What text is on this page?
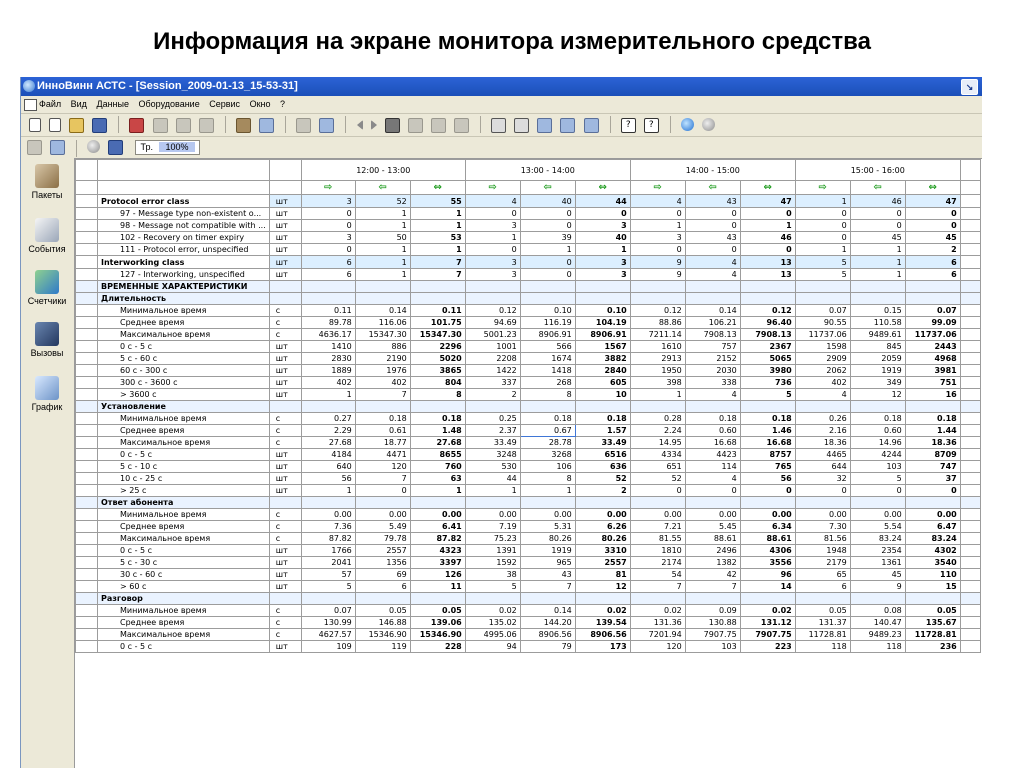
Информация на экране монитора измерительного средства
ИнноВинн АСТС - [Session_2009-01-13_15-53-31]	↘
Файл Вид Данные Оборудование Сервис Окно ?
? ?
Тр. 100%
Пакеты
События
Счетчики
Вызовы
График
			12:00 - 13:00			13:00 - 14:00			14:00 - 15:00			15:00 - 16:00			
			⇨	⇦	⇔	⇨	⇦	⇔	⇨	⇦	⇔	⇨	⇦	⇔	
	Protocol error class	шт	3	52	55	4	40	44	4	43	47	1	46	47	
	97 - Message type non-existent o...	шт	0	1	1	0	0	0	0	0	0	0	0	0	
	98 - Message not compatible with ...	шт	0	1	1	3	0	3	1	0	1	0	0	0	
	102 - Recovery on timer expiry	шт	3	50	53	1	39	40	3	43	46	0	45	45	
	111 - Protocol error, unspecified	шт	0	1	1	0	1	1	0	0	0	1	1	2	
	Interworking class	шт	6	1	7	3	0	3	9	4	13	5	1	6	
	127 - Interworking, unspecified	шт	6	1	7	3	0	3	9	4	13	5	1	6	
	ВРЕМЕННЫЕ ХАРАКТЕРИСТИКИ														
	Длительность														
	Минимальное время	с	0.11	0.14	0.11	0.12	0.10	0.10	0.12	0.14	0.12	0.07	0.15	0.07	
	Среднее время	с	89.78	116.06	101.75	94.69	116.19	104.19	88.86	106.21	96.40	90.55	110.58	99.09	
	Максимальное время	с	4636.17	15347.30	15347.30	5001.23	8906.91	8906.91	7211.14	7908.13	7908.13	11737.06	9489.61	11737.06	
	0 с - 5 с	шт	1410	886	2296	1001	566	1567	1610	757	2367	1598	845	2443	
	5 с - 60 с	шт	2830	2190	5020	2208	1674	3882	2913	2152	5065	2909	2059	4968	
	60 с - 300 с	шт	1889	1976	3865	1422	1418	2840	1950	2030	3980	2062	1919	3981	
	300 с - 3600 с	шт	402	402	804	337	268	605	398	338	736	402	349	751	
	> 3600 с	шт	1	7	8	2	8	10	1	4	5	4	12	16	
	Установление														
	Минимальное время	с	0.27	0.18	0.18	0.25	0.18	0.18	0.28	0.18	0.18	0.26	0.18	0.18	
	Среднее время	с	2.29	0.61	1.48	2.37	0.67	1.57	2.24	0.60	1.46	2.16	0.60	1.44	
	Максимальное время	с	27.68	18.77	27.68	33.49	28.78	33.49	14.95	16.68	16.68	18.36	14.96	18.36	
	0 с - 5 с	шт	4184	4471	8655	3248	3268	6516	4334	4423	8757	4465	4244	8709	
	5 с - 10 с	шт	640	120	760	530	106	636	651	114	765	644	103	747	
	10 с - 25 с	шт	56	7	63	44	8	52	52	4	56	32	5	37	
	> 25 с	шт	1	0	1	1	1	2	0	0	0	0	0	0	
	Ответ абонента														
	Минимальное время	с	0.00	0.00	0.00	0.00	0.00	0.00	0.00	0.00	0.00	0.00	0.00	0.00	
	Среднее время	с	7.36	5.49	6.41	7.19	5.31	6.26	7.21	5.45	6.34	7.30	5.54	6.47	
	Максимальное время	с	87.82	79.78	87.82	75.23	80.26	80.26	81.55	88.61	88.61	81.56	83.24	83.24	
	0 с - 5 с	шт	1766	2557	4323	1391	1919	3310	1810	2496	4306	1948	2354	4302	
	5 с - 30 с	шт	2041	1356	3397	1592	965	2557	2174	1382	3556	2179	1361	3540	
	30 с - 60 с	шт	57	69	126	38	43	81	54	42	96	65	45	110	
	> 60 с	шт	5	6	11	5	7	12	7	7	14	6	9	15	
	Разговор														
	Минимальное время	с	0.07	0.05	0.05	0.02	0.14	0.02	0.02	0.09	0.02	0.05	0.08	0.05	
	Среднее время	с	130.99	146.88	139.06	135.02	144.20	139.54	131.36	130.88	131.12	131.37	140.47	135.67	
	Максимальное время	с	4627.57	15346.90	15346.90	4995.06	8906.56	8906.56	7201.94	7907.75	7907.75	11728.81	9489.23	11728.81	
	0 с - 5 с	шт	109	119	228	94	79	173	120	103	223	118	118	236	
